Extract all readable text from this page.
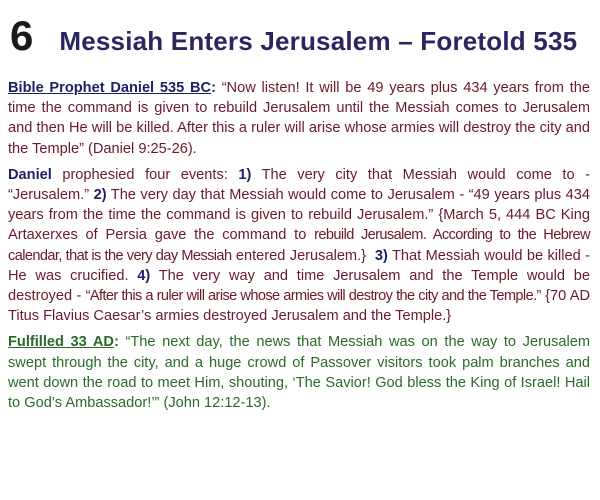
6 Messiah Enters Jerusalem – Foretold 535

Bible Prophet Daniel 535 BC: “Now listen! It will be 49 years plus 434 years from the time the command is given to rebuild Jerusalem until the Messiah comes to Jerusalem and then He will be killed. After this a ruler will arise whose armies will destroy the city and the Temple” (Daniel 9:25-26).

Daniel prophesied four events: 1) The very city that Messiah would come to - “Jerusalem.” 2) The very day that Messiah would come to Jerusalem - “49 years plus 434 years from the time the command is given to rebuild Jerusalem.” {March 5, 444 BC King Artaxerxes of Persia gave the command to rebuild Jerusalem. According to the Hebrew calendar, that is the very day Messiah entered Jerusalem.} 3) That Messiah would be killed - He was crucified. 4) The very way and time Jerusalem and the Temple would be destroyed - “After this a ruler will arise whose armies will destroy the city and the Temple.” {70 AD Titus Flavius Caesar’s armies destroyed Jerusalem and the Temple.}

Fulfilled 33 AD: “The next day, the news that Messiah was on the way to Jerusalem swept through the city, and a huge crowd of Passover visitors took palm branches and went down the road to meet Him, shouting, ‘The Savior! God bless the King of Israel! Hail to God’s Ambassador!’” (John 12:12-13).
